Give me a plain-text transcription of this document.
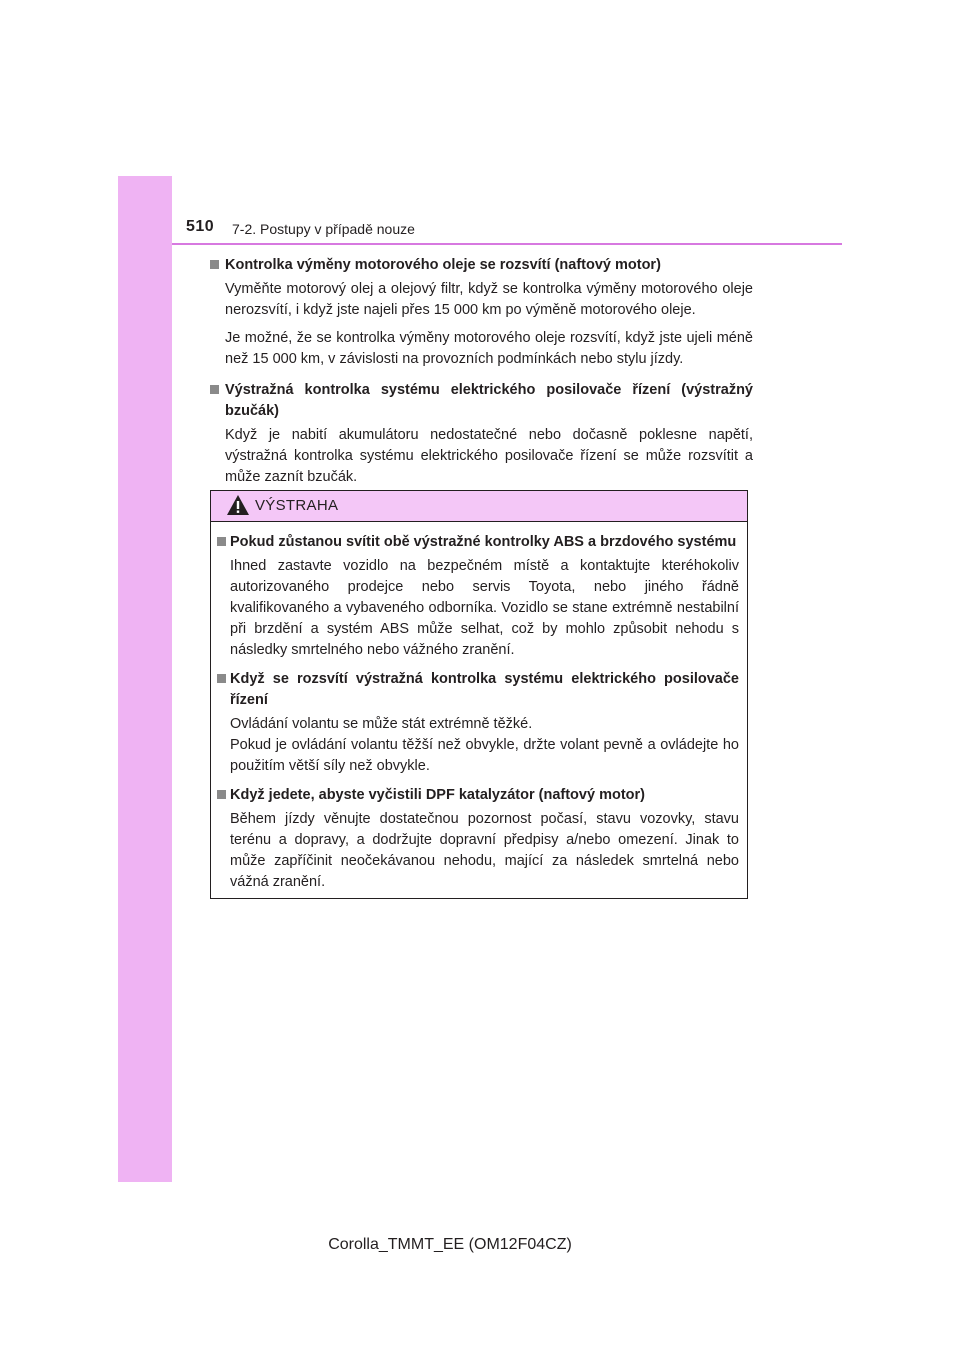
510 7-2. Postupy v případě nouze
Kontrolka výměny motorového oleje se rozsvítí (naftový motor)

Vyměňte motorový olej a olejový filtr, když se kontrolka výměny motorového oleje nerozsvítí, i když jste najeli přes 15 000 km po výměně motorového oleje.

Je možné, že se kontrolka výměny motorového oleje rozsvítí, když jste ujeli méně než 15 000 km, v závislosti na provozních podmínkách nebo stylu jízdy.

Výstražná kontrolka systému elektrického posilovače řízení (výstražný bzučák)

Když je nabití akumulátoru nedostatečné nebo dočasně poklesne napětí, výstražná kontrolka systému elektrického posilovače řízení se může rozsvítit a může zaznít bzučák.

VÝSTRAHA
Pokud zůstanou svítit obě výstražné kontrolky ABS a brzdového systému

Ihned zastavte vozidlo na bezpečném místě a kontaktujte kteréhokoliv autorizovaného prodejce nebo servis Toyota, nebo jiného řádně kvalifikovaného a vybaveného odborníka. Vozidlo se stane extrémně nestabilní při brzdění a systém ABS může selhat, což by mohlo způsobit nehodu s následky smrtelného nebo vážného zranění.

Když se rozsvítí výstražná kontrolka systému elektrického posilovače řízení

Ovládání volantu se může stát extrémně těžké.

Pokud je ovládání volantu těžší než obvykle, držte volant pevně a ovládejte ho použitím větší síly než obvykle.

Když jedete, abyste vyčistili DPF katalyzátor (naftový motor)

Během jízdy věnujte dostatečnou pozornost počasí, stavu vozovky, stavu terénu a dopravy, a dodržujte dopravní předpisy a/nebo omezení. Jinak to může zapříčinit neočekávanou nehodu, mající za následek smrtelná nebo vážná zranění.

Corolla_TMMT_EE (OM12F04CZ)
